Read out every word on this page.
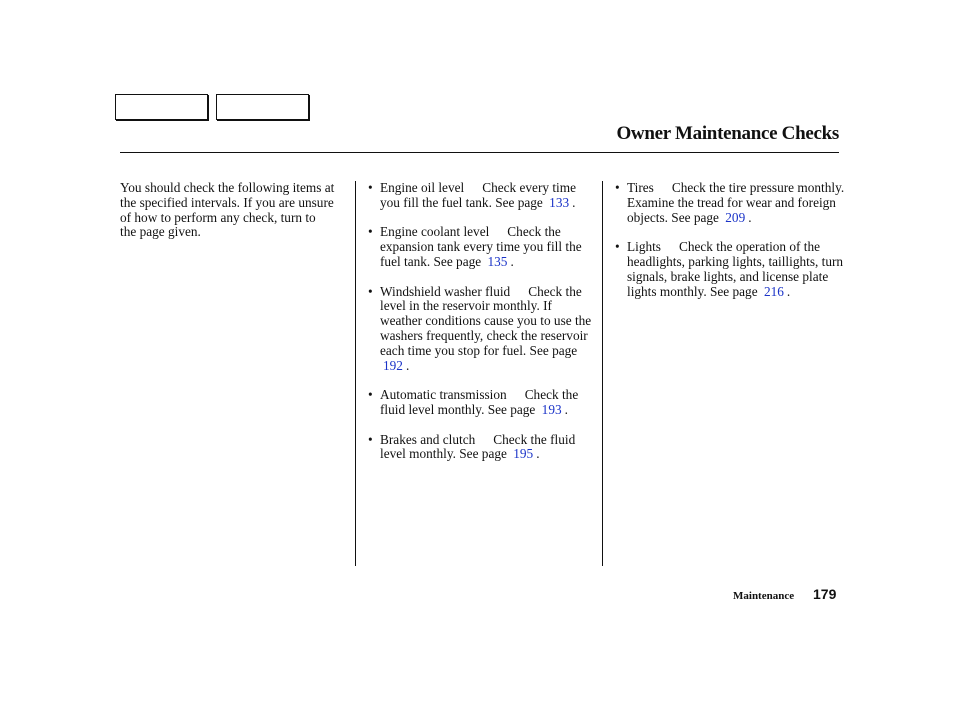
Owner Maintenance Checks
You should check the following items at the specified intervals. If you are unsure of how to perform any check, turn to the page given.
• Engine oil level Check every time you fill the fuel tank. See page 133 .
• Engine coolant level Check the expansion tank every time you fill the fuel tank. See page 135 .
• Windshield washer fluid Check the level in the reservoir monthly. If weather conditions cause you to use the washers frequently, check the reservoir each time you stop for fuel. See page 192 .
• Automatic transmission Check the fluid level monthly. See page 193 .
• Brakes and clutch Check the fluid level monthly. See page 195 .
• Tires Check the tire pressure monthly. Examine the tread for wear and foreign objects. See page 209 .
• Lights Check the operation of the headlights, parking lights, taillights, turn signals, brake lights, and license plate lights monthly. See page 216 .
Maintenance 179
